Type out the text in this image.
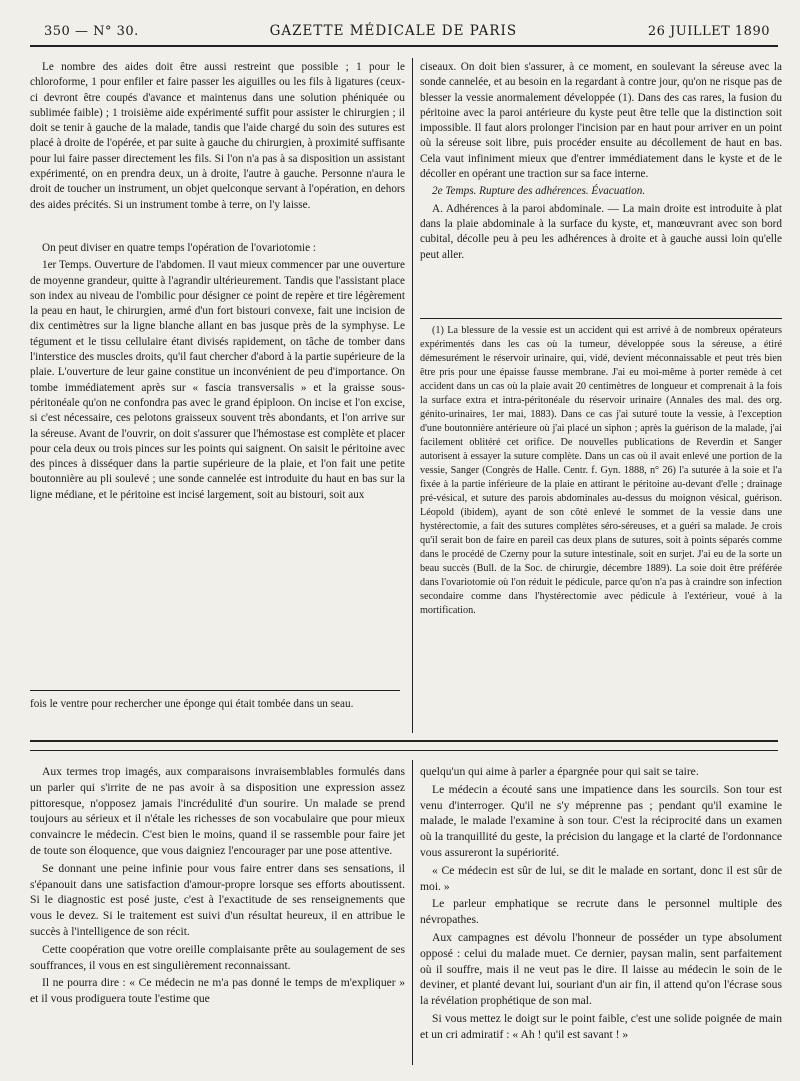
350 — N° 30.	GAZETTE MÉDICALE DE PARIS	26 JUILLET 1890

Le nombre des aides doit être aussi restreint que possible ; 1 pour le chloroforme, 1 pour enfiler et faire passer les aiguilles ou les fils à ligatures (ceux-ci devront être coupés d'avance et maintenus dans une solution phéniquée ou sublimée faible) ; 1 troisième aide expérimenté suffit pour assister le chirurgien ; il doit se tenir à gauche de la malade, tandis que l'aide chargé du soin des sutures est placé à droite de l'opérée, et par suite à gauche du chirurgien, à proximité suffisante pour lui faire passer directement les fils. Si l'on n'a pas à sa disposition un assistant expérimenté, on en prendra deux, un à droite, l'autre à gauche. Personne n'aura le droit de toucher un instrument, un objet quelconque servant à l'opération, en dehors des aides précités. Si un instrument tombe à terre, on l'y laisse.

On peut diviser en quatre temps l'opération de l'ovariotomie :

1er Temps. Ouverture de l'abdomen. Il vaut mieux commencer par une ouverture de moyenne grandeur, quitte à l'agrandir ultérieurement. Tandis que l'assistant place son index au niveau de l'ombilic pour désigner ce point de repère et tire légèrement la peau en haut, le chirurgien, armé d'un fort bistouri convexe, fait une incision de dix centimètres sur la ligne blanche allant en bas jusque près de la symphyse. Le tégument et le tissu cellulaire étant divisés rapidement, on tâche de tomber dans l'interstice des muscles droits, qu'il faut chercher d'abord à la partie supérieure de la plaie. L'ouverture de leur gaine constitue un inconvénient de peu d'importance. On tombe immédiatement après sur « fascia transversalis » et la graisse sous-péritonéale qu'on ne confondra pas avec le grand épiploon. On incise et l'on excise, si c'est nécessaire, ces pelotons graisseux souvent très abondants, et l'on arrive sur la séreuse. Avant de l'ouvrir, on doit s'assurer que l'hémostase est complète et placer pour cela deux ou trois pinces sur les points qui saignent. On saisit le péritoine avec des pinces à disséquer dans la partie supérieure de la plaie, et l'on fait une petite boutonnière au pli soulevé ; une sonde cannelée est introduite du haut en bas sur la ligne médiane, et le péritoine est incisé largement, soit au bistouri, soit aux

fois le ventre pour rechercher une éponge qui était tombée dans un seau.

ciseaux. On doit bien s'assurer, à ce moment, en soulevant la séreuse avec la sonde cannelée, et au besoin en la regardant à contre jour, qu'on ne risque pas de blesser la vessie anormalement développée (1). Dans des cas rares, la fusion du péritoine avec la paroi antérieure du kyste peut être telle que la distinction soit impossible. Il faut alors prolonger l'incision par en haut pour arriver en un point où la séreuse soit libre, puis procéder ensuite au décollement de haut en bas. Cela vaut infiniment mieux que d'entrer immédiatement dans le kyste et de le décoller en opérant une traction sur sa face interne.

2e Temps. Rupture des adhérences. Évacuation.

A. Adhérences à la paroi abdominale. — La main droite est introduite à plat dans la plaie abdominale à la surface du kyste, et, manœuvrant avec son bord cubital, décolle peu à peu les adhérences à droite et à gauche aussi loin qu'elle peut aller.

(1) La blessure de la vessie est un accident qui est arrivé à de nombreux opérateurs expérimentés dans les cas où la tumeur, développée sous la séreuse, a étiré démesurément le réservoir urinaire, qui, vidé, devient méconnaissable et peut très bien être pris pour une épaisse fausse membrane. J'ai eu moi-même à porter remède à cet accident dans un cas où la plaie avait 20 centimètres de longueur et comprenait à la fois la surface extra et intra-péritonéale du réservoir urinaire (Annales des mal. des org. génito-urinaires, 1er mai, 1883). Dans ce cas j'ai suturé toute la vessie, à l'exception d'une boutonnière antérieure où j'ai placé un siphon ; après la guérison de la malade, j'ai facilement oblitéré cet orifice. De nouvelles publications de Reverdin et Sanger autorisent à essayer la suture complète. Dans un cas où il avait enlevé une portion de la vessie, Sanger (Congrès de Halle. Centr. f. Gyn. 1888, n° 26) l'a suturée à la soie et l'a fixée à la partie inférieure de la plaie en attirant le péritoine au-devant d'elle ; drainage pré-vésical, et suture des parois abdominales au-dessus du moignon vésical, guérison. Léopold (ibidem), ayant de son côté enlevé le sommet de la vessie dans une hystérectomie, a fait des sutures complètes séro-séreuses, et a guéri sa malade. Je crois qu'il serait bon de faire en pareil cas deux plans de sutures, soit à points séparés comme dans le procédé de Czerny pour la suture intestinale, soit en surjet. J'ai eu de la sorte un beau succès (Bull. de la Soc. de chirurgie, décembre 1889). La soie doit être préférée dans l'ovariotomie où l'on réduit le pédicule, parce qu'on n'a pas à craindre son infection secondaire comme dans l'hystérectomie avec pédicule à l'extérieur, voué à la mortification.

Aux termes trop imagés, aux comparaisons invraisemblables formulés dans un parler qui s'irrite de ne pas avoir à sa disposition une expression assez pittoresque, n'opposez jamais l'incrédulité d'un sourire. Un malade se prend toujours au sérieux et il n'étale les richesses de son vocabulaire que pour mieux convaincre le médecin. C'est bien le moins, quand il se rassemble pour faire jet de toute son éloquence, que vous daigniez l'encourager par une pose attentive.

Se donnant une peine infinie pour vous faire entrer dans ses sensations, il s'épanouit dans une satisfaction d'amour-propre lorsque ses efforts aboutissent. Si le diagnostic est posé juste, c'est à l'exactitude de ses renseignements que vous le devez. Si le traitement est suivi d'un résultat heureux, il en attribue le succès à l'intelligence de son récit.

Cette coopération que votre oreille complaisante prête au soulagement de ses souffrances, il vous en est singulièrement reconnaissant.

Il ne pourra dire : « Ce médecin ne m'a pas donné le temps de m'expliquer » et il vous prodiguera toute l'estime que

quelqu'un qui aime à parler a épargnée pour qui sait se taire.

Le médecin a écouté sans une impatience dans les sourcils. Son tour est venu d'interroger. Qu'il ne s'y méprenne pas ; pendant qu'il examine le malade, le malade l'examine à son tour. C'est la réciprocité dans un examen où la tranquillité du geste, la précision du langage et la clarté de l'ordonnance vous assureront la supériorité.

« Ce médecin est sûr de lui, se dit le malade en sortant, donc il est sûr de moi. »

Le parleur emphatique se recrute dans le personnel multiple des névropathes.

Aux campagnes est dévolu l'honneur de posséder un type absolument opposé : celui du malade muet. Ce dernier, paysan malin, sent parfaitement où il souffre, mais il ne veut pas le dire. Il laisse au médecin le soin de le deviner, et planté devant lui, souriant d'un air fin, il attend qu'on l'écrase sous la révélation prophétique de son mal.

Si vous mettez le doigt sur le point faible, c'est une solide poignée de main et un cri admiratif : « Ah ! qu'il est savant ! »
